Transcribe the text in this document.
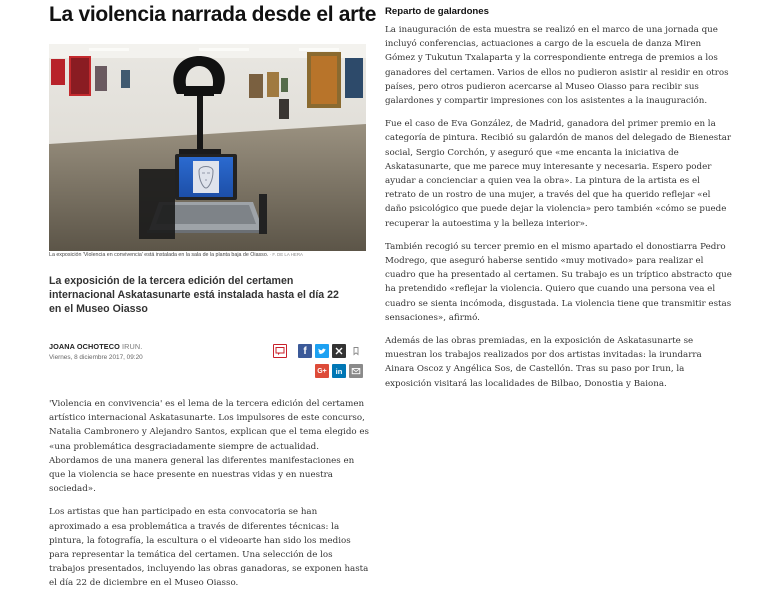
La violencia narrada desde el arte
La exposición 'Violencia en convivencia' está instalada en la sala de la planta baja de Oiasso. · F. DE LA HERA
La exposición de la tercera edición del certamen internacional Askatasunarte está instalada hasta el día 22 en el Museo Oiasso
JOANA OCHOTECO IRUN.
Viernes, 8 diciembre 2017, 09:20
f
G+ in

'Violencia en convivencia' es el lema de la tercera edición del certamen artístico internacional Askatasunarte. Los impulsores de este concurso, Natalia Cambronero y Alejandro Santos, explican que el tema elegido es «una problemática desgraciadamente siempre de actualidad. Abordamos de una manera general las diferentes manifestaciones en que la violencia se hace presente en nuestras vidas y en nuestra sociedad».

Los artistas que han participado en esta convocatoria se han aproximado a esa problemática a través de diferentes técnicas: la pintura, la fotografía, la escultura o el videoarte han sido los medios para representar la temática del certamen. Una selección de los trabajos presentados, incluyendo las obras ganadoras, se exponen hasta el día 22 de diciembre en el Museo Oiasso.

Reparto de galardones

La inauguración de esta muestra se realizó en el marco de una jornada que incluyó conferencias, actuaciones a cargo de la escuela de danza Miren Gómez y Tukutun Txalaparta y la correspondiente entrega de premios a los ganadores del certamen. Varios de ellos no pudieron asistir al residir en otros países, pero otros pudieron acercarse al Museo Oiasso para recibir sus galardones y compartir impresiones con los asistentes a la inauguración.

Fue el caso de Eva González, de Madrid, ganadora del primer premio en la categoría de pintura. Recibió su galardón de manos del delegado de Bienestar social, Sergio Corchón, y aseguró que «me encanta la iniciativa de Askatasunarte, que me parece muy interesante y necesaria. Espero poder ayudar a concienciar a quien vea la obra». La pintura de la artista es el retrato de un rostro de una mujer, a través del que ha querido reflejar «el daño psicológico que puede dejar la violencia» pero también «cómo se puede recuperar la autoestima y la belleza interior».

También recogió su tercer premio en el mismo apartado el donostiarra Pedro Modrego, que aseguró haberse sentido «muy motivado» para realizar el cuadro que ha presentado al certamen. Su trabajo es un tríptico abstracto que ha pretendido «reflejar la violencia. Quiero que cuando una persona vea el cuadro se sienta incómoda, disgustada. La violencia tiene que transmitir estas sensaciones», afirmó.

Además de las obras premiadas, en la exposición de Askatasunarte se muestran los trabajos realizados por dos artistas invitadas: la irundarra Ainara Oscoz y Angélica Sos, de Castellón. Tras su paso por Irun, la exposición visitará las localidades de Bilbao, Donostia y Baiona.
